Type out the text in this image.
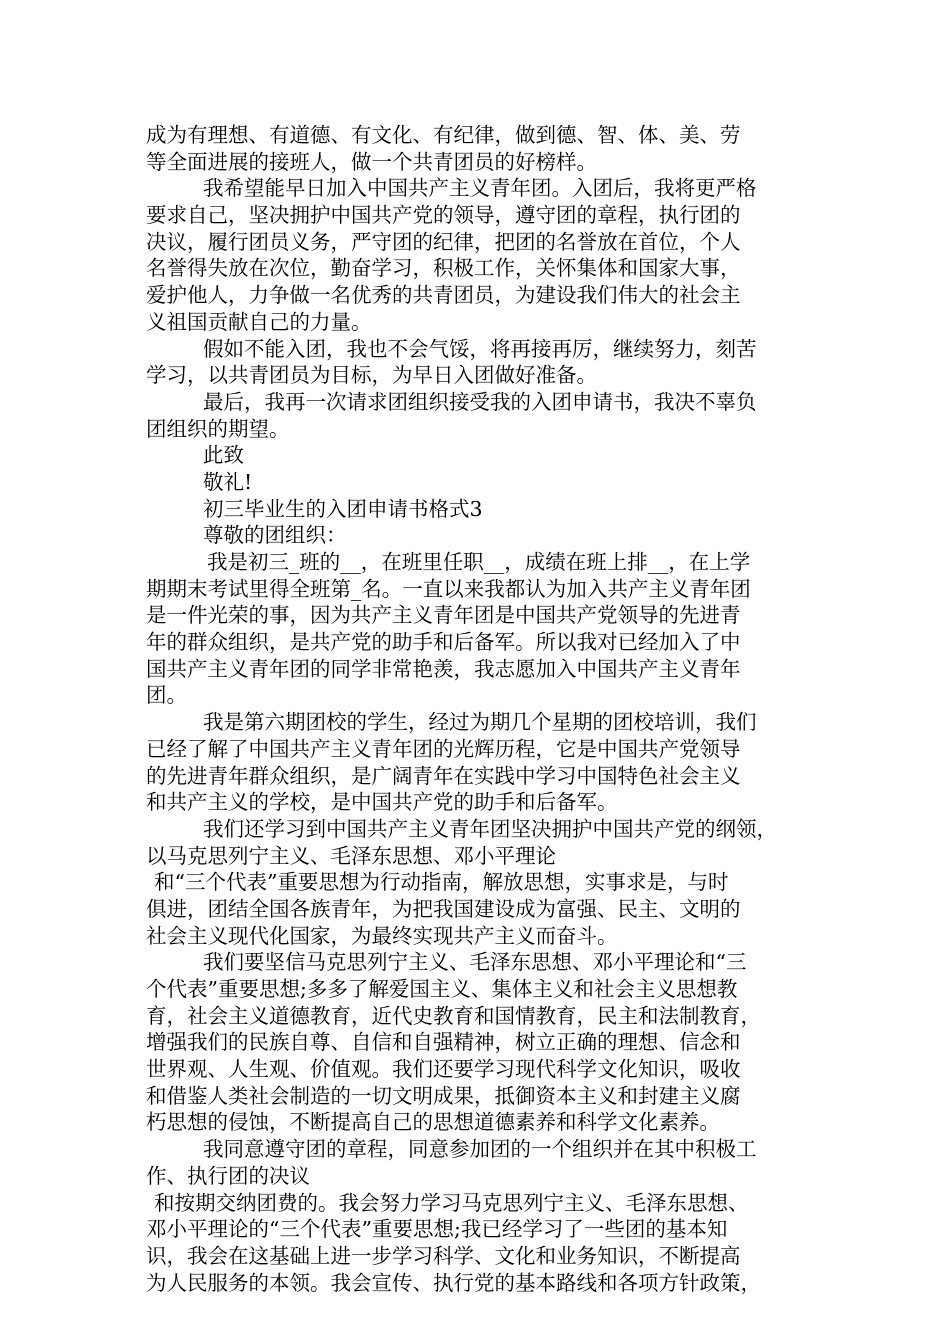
成为有理想、有道德、有文化、有纪律，做到德、智、体、美、劳
等全面进展的接班人，做一个共青团员的好榜样。
我希望能早日加入中国共产主义青年团。入团后，我将更严格
要求自己，坚决拥护中国共产党的领导，遵守团的章程，执行团的
决议，履行团员义务，严守团的纪律，把团的名誉放在首位，个人
名誉得失放在次位，勤奋学习，积极工作，关怀集体和国家大事，
爱护他人，力争做一名优秀的共青团员，为建设我们伟大的社会主
义祖国贡献自己的力量。
假如不能入团，我也不会气馁，将再接再厉，继续努力，刻苦
学习，以共青团员为目标，为早日入团做好准备。
最后，我再一次请求团组织接受我的入团申请书，我决不辜负
团组织的期望。
此致
敬礼!
初三毕业生的入团申请书格式3
尊敬的团组织：
我是初三_班的__，在班里任职__，成绩在班上排__，在上学
期期末考试里得全班第_名。一直以来我都认为加入共产主义青年团
是一件光荣的事，因为共产主义青年团是中国共产党领导的先进青
年的群众组织，是共产党的助手和后备军。所以我对已经加入了中
国共产主义青年团的同学非常艳羡，我志愿加入中国共产主义青年
团。
我是第六期团校的学生，经过为期几个星期的团校培训，我们
已经了解了中国共产主义青年团的光辉历程，它是中国共产党领导
的先进青年群众组织，是广阔青年在实践中学习中国特色社会主义
和共产主义的学校，是中国共产党的助手和后备军。
我们还学习到中国共产主义青年团坚决拥护中国共产党的纲领，
以马克思列宁主义、毛泽东思想、邓小平理论
和“三个代表”重要思想为行动指南，解放思想，实事求是，与时
俱进，团结全国各族青年，为把我国建设成为富强、民主、文明的
社会主义现代化国家，为最终实现共产主义而奋斗。
我们要坚信马克思列宁主义、毛泽东思想、邓小平理论和“三
个代表”重要思想;多多了解爱国主义、集体主义和社会主义思想教
育，社会主义道德教育，近代史教育和国情教育，民主和法制教育，
增强我们的民族自尊、自信和自强精神，树立正确的理想、信念和
世界观、人生观、价值观。我们还要学习现代科学文化知识，吸收
和借鉴人类社会制造的一切文明成果，抵御资本主义和封建主义腐
朽思想的侵蚀，不断提高自己的思想道德素养和科学文化素养。
我同意遵守团的章程，同意参加团的一个组织并在其中积极工
作、执行团的决议
和按期交纳团费的。我会努力学习马克思列宁主义、毛泽东思想、
邓小平理论的“三个代表”重要思想;我已经学习了一些团的基本知
识，我会在这基础上进一步学习科学、文化和业务知识，不断提高
为人民服务的本领。我会宣传、执行党的基本路线和各项方针政策，
